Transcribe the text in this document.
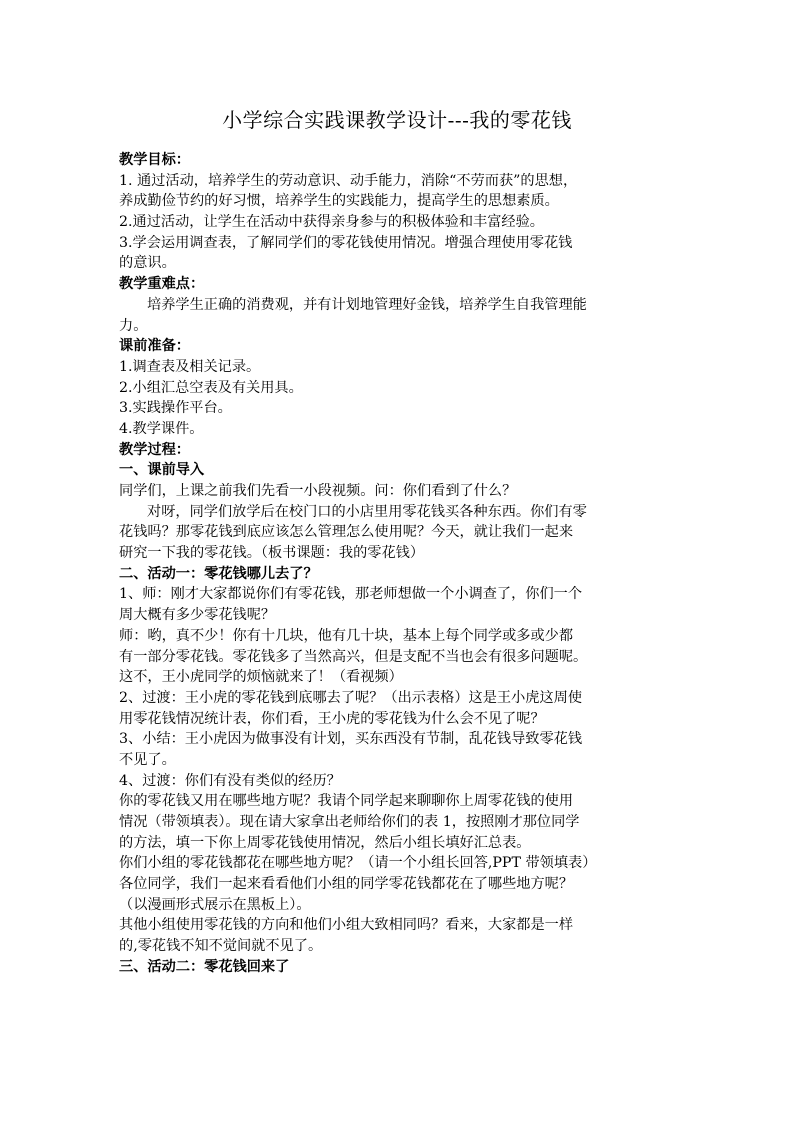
小学综合实践课教学设计---我的零花钱
教学目标：
1. 通过活动，培养学生的劳动意识、动手能力，消除“不劳而获”的思想，
养成勤俭节约的好习惯，培养学生的实践能力，提高学生的思想素质。
2.通过活动，让学生在活动中获得亲身参与的积极体验和丰富经验。
3.学会运用调查表，了解同学们的零花钱使用情况。增强合理使用零花钱
的意识。
教学重难点：
培养学生正确的消费观，并有计划地管理好金钱，培养学生自我管理能
力。
课前准备：
1.调查表及相关记录。
2.小组汇总空表及有关用具。
3.实践操作平台。
4.教学课件。
教学过程：
一、课前导入
同学们，上课之前我们先看一小段视频。问：你们看到了什么？
对呀，同学们放学后在校门口的小店里用零花钱买各种东西。你们有零
花钱吗？那零花钱到底应该怎么管理怎么使用呢？今天，就让我们一起来
研究一下我的零花钱。（板书课题：我的零花钱）
二、活动一：零花钱哪儿去了？
1、师：刚才大家都说你们有零花钱，那老师想做一个小调查了，你们一个
周大概有多少零花钱呢？
师：哟，真不少！你有十几块，他有几十块，基本上每个同学或多或少都
有一部分零花钱。零花钱多了当然高兴，但是支配不当也会有很多问题呢。
这不，王小虎同学的烦恼就来了！（看视频）
2、过渡：王小虎的零花钱到底哪去了呢？（出示表格）这是王小虎这周使
用零花钱情况统计表，你们看，王小虎的零花钱为什么会不见了呢？
3、小结：王小虎因为做事没有计划，买东西没有节制，乱花钱导致零花钱
不见了。
4、过渡：你们有没有类似的经历？
你的零花钱又用在哪些地方呢？我请个同学起来聊聊你上周零花钱的使用
情况（带领填表）。现在请大家拿出老师给你们的表 1，按照刚才那位同学
的方法，填一下你上周零花钱使用情况，然后小组长填好汇总表。
你们小组的零花钱都花在哪些地方呢？（请一个小组长回答,PPT 带领填表）
各位同学，我们一起来看看他们小组的同学零花钱都花在了哪些地方呢？
（以漫画形式展示在黑板上）。
其他小组使用零花钱的方向和他们小组大致相同吗？看来，大家都是一样
的,零花钱不知不觉间就不见了。
三、活动二：零花钱回来了
